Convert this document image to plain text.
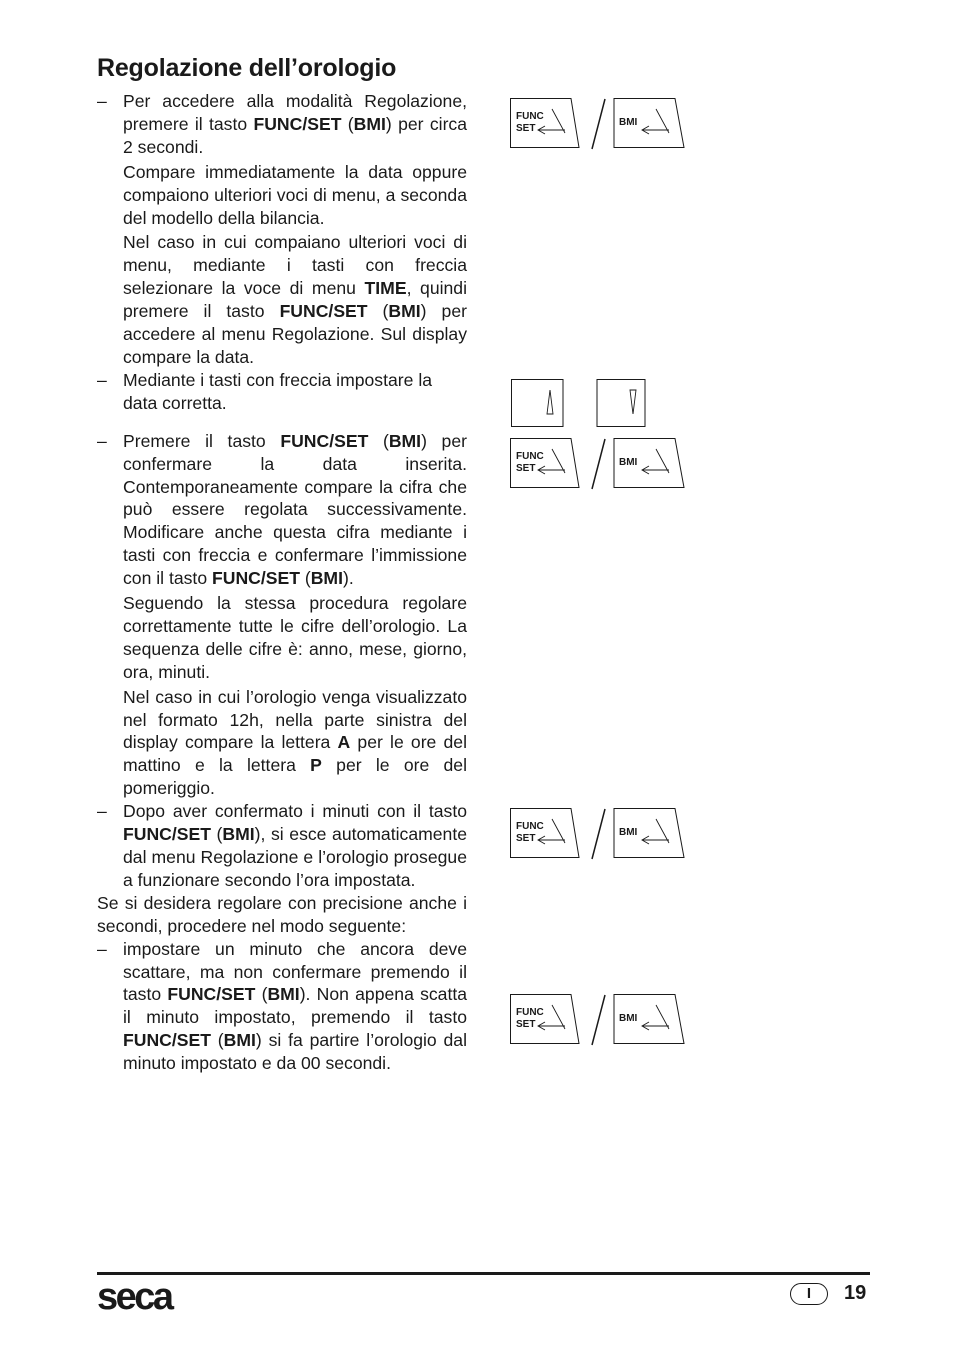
Regolazione dell’orologio
– Per accedere alla modalità Regolazione, premere il tasto FUNC/SET (BMI) per circa 2 secondi.

Compare immediatamente la data oppure compaiono ulteriori voci di menu, a seconda del modello della bilancia.

Nel caso in cui compaiano ulteriori voci di menu, mediante i tasti con freccia selezionare la voce di menu TIME, quindi premere il tasto FUNC/SET (BMI) per accedere al menu Regolazione. Sul display compare la data.

– Mediante i tasti con freccia impostare la data corretta.

– Premere il tasto FUNC/SET (BMI) per confermare la data inserita. Contemporaneamente compare la cifra che può essere regolata successivamente. Modificare anche questa cifra mediante i tasti con freccia e confermare l’immissione con il tasto FUNC/SET (BMI).

Seguendo la stessa procedura regolare correttamente tutte le cifre dell’orologio. La sequenza delle cifre è: anno, mese, giorno, ora, minuti.

Nel caso in cui l’orologio venga visualizzato nel formato 12h, nella parte sinistra del display compare la lettera A per le ore del mattino e la lettera P per le ore del pomeriggio.

– Dopo aver confermato i minuti con il tasto FUNC/SET (BMI), si esce automaticamente dal menu Regolazione e l’orologio prosegue a funzionare secondo l’ora impostata.

Se si desidera regolare con precisione anche i secondi, procedere nel modo seguente:

– impostare un minuto che ancora deve scattare, ma non confermare premendo il tasto FUNC/SET (BMI). Non appena scatta il minuto impostato, premendo il tasto FUNC/SET (BMI) si fa partire l’orologio dal minuto impostato e da 00 secondi.

FUNC
SET
BMI
FUNC
SET
BMI
FUNC
SET
BMI
FUNC
SET
BMI
seca	I	19
